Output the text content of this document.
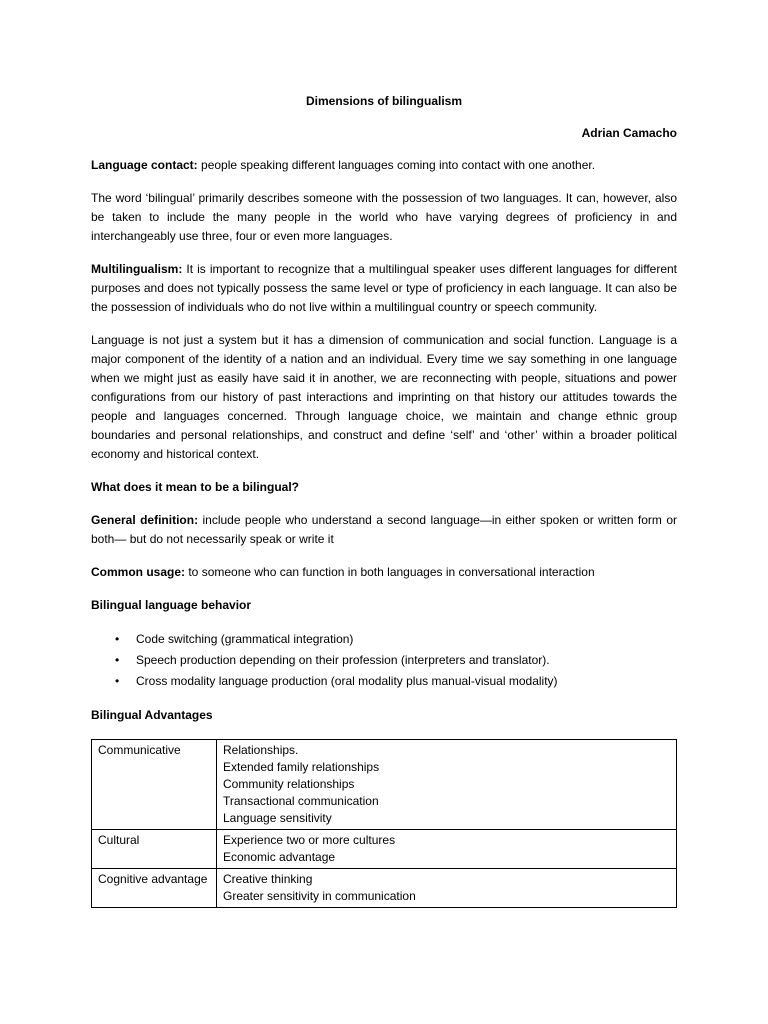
Dimensions of bilingualism
Adrian Camacho

Language contact: people speaking different languages coming into contact with one another.

The word ‘bilingual’ primarily describes someone with the possession of two languages. It can, however, also be taken to include the many people in the world who have varying degrees of proficiency in and interchangeably use three, four or even more languages.

Multilingualism: It is important to recognize that a multilingual speaker uses different languages for different purposes and does not typically possess the same level or type of proficiency in each language. It can also be the possession of individuals who do not live within a multilingual country or speech community.

Language is not just a system but it has a dimension of communication and social function. Language is a major component of the identity of a nation and an individual. Every time we say something in one language when we might just as easily have said it in another, we are reconnecting with people, situations and power configurations from our history of past interactions and imprinting on that history our attitudes towards the people and languages concerned. Through language choice, we maintain and change ethnic group boundaries and personal relationships, and construct and define ‘self’ and ‘other’ within a broader political economy and historical context.

What does it mean to be a bilingual?

General definition: include people who understand a second language—in either spoken or written form or both— but do not necessarily speak or write it

Common usage: to someone who can function in both languages in conversational interaction

Bilingual language behavior
• Code switching (grammatical integration)
• Speech production depending on their profession (interpreters and translator).
• Cross modality language production (oral modality plus manual-visual modality)
Bilingual Advantages
Communicative	Relationships.
Extended family relationships
Community relationships
Transactional communication
Language sensitivity

Cultural	Experience two or more cultures
Economic advantage

Cognitive advantage	Creative thinking
Greater sensitivity in communication
